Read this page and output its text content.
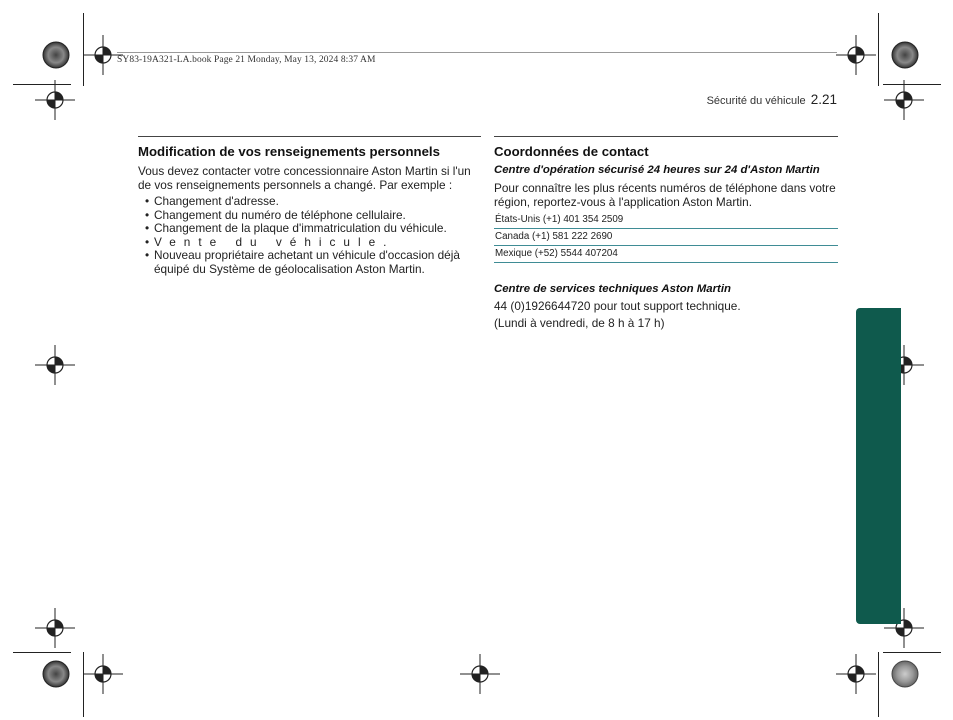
SY83-19A321-LA.book Page 21 Monday, May 13, 2024 8:37 AM
Sécurité du véhicule 2.21
Modification de vos renseignements personnels
Vous devez contacter votre concessionnaire Aston Martin si l'un de vos renseignements personnels a changé. Par exemple :
• Changement d'adresse.
• Changement du numéro de téléphone cellulaire.
• Changement de la plaque d'immatriculation du véhicule.
• Vente du véhicule.
• Nouveau propriétaire achetant un véhicule d'occasion déjà équipé du Système de géolocalisation Aston Martin.
Coordonnées de contact
Centre d'opération sécurisé 24 heures sur 24 d'Aston Martin
Pour connaître les plus récents numéros de téléphone dans votre région, reportez-vous à l'application Aston Martin.
États-Unis (+1) 401 354 2509
Canada (+1) 581 222 2690
Mexique (+52) 5544 407204
Centre de services techniques Aston Martin
44 (0)1926644720 pour tout support technique.
(Lundi à vendredi, de 8 h à 17 h)
